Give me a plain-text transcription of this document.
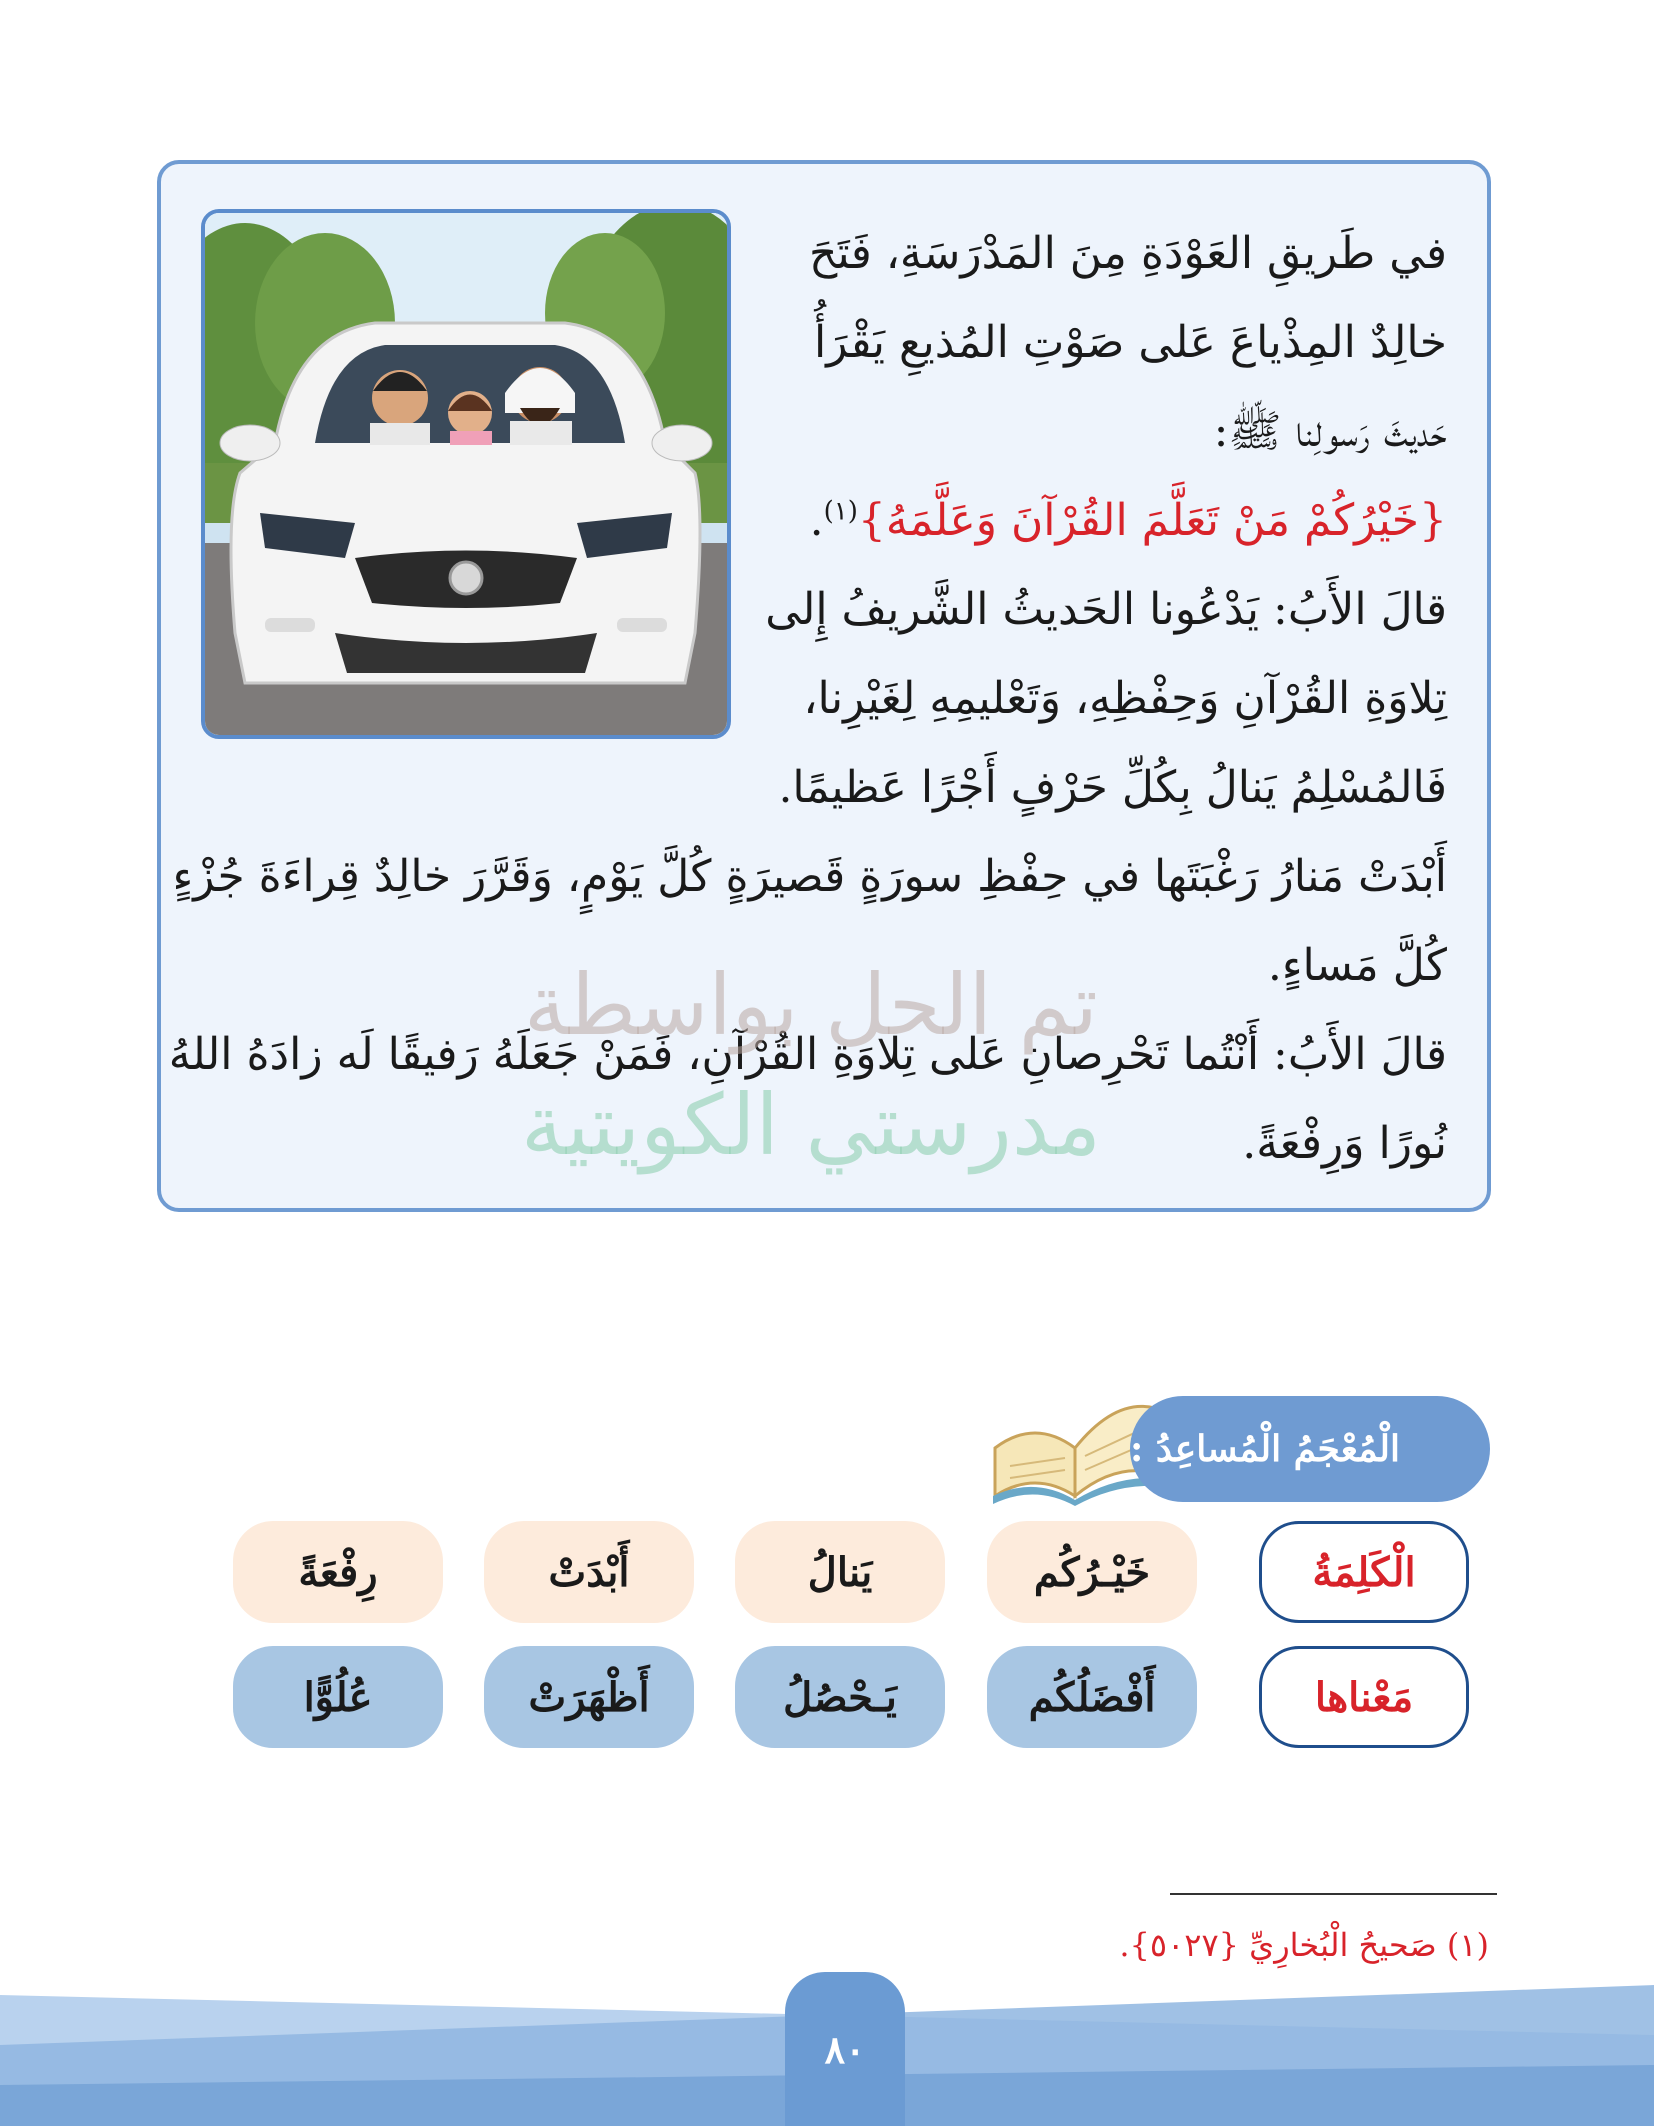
في طَريقِ العَوْدَةِ مِنَ المَدْرَسَةِ، فَتَحَ
خالِدٌ المِذْياعَ عَلى صَوْتِ المُذيعِ يَقْرَأُ
حَديثَ رَسولِنا ﷺ:
{خَيْرُكُمْ مَنْ تَعَلَّمَ القُرْآنَ وَعَلَّمَهُ}$^{(١)}$.
قالَ الأَبُ: يَدْعُونا الحَديثُ الشَّريفُ إِلى
تِلاوَةِ القُرْآنِ وَحِفْظِهِ، وَتَعْليمِهِ لِغَيْرِنا،
فَالمُسْلِمُ يَنالُ بِكُلِّ حَرْفٍ أَجْرًا عَظيمًا.
أَبْدَتْ مَنارُ رَغْبَتَها في حِفْظِ سورَةٍ قَصيرَةٍ كُلَّ يَوْمٍ، وَقَرَّرَ خالِدٌ قِراءَةَ جُزْءٍ
كُلَّ مَساءٍ.
قالَ الأَبُ: أَنْتُما تَحْرِصانِ عَلى تِلاوَةِ القُرْآنِ، فَمَنْ جَعَلَهُ رَفيقًا لَه زادَهُ اللهُ
نُورًا وَرِفْعَةً.
تم الحل بواسطة
مدرستي الكويتية
الْمُعْجَمُ الْمُساعِدُ :
الْكَلِمَةُ
خَيْـرُكُم
يَنالُ
أَبْدَتْ
رِفْعَةً
مَعْناها
أَفْضَلُكُم
يَـحْصُلُ
أَظْهَرَتْ
عُلُوًّا
(١) صَحيحُ الْبُخارِيِّ {٥٠٢٧}.
٨٠
